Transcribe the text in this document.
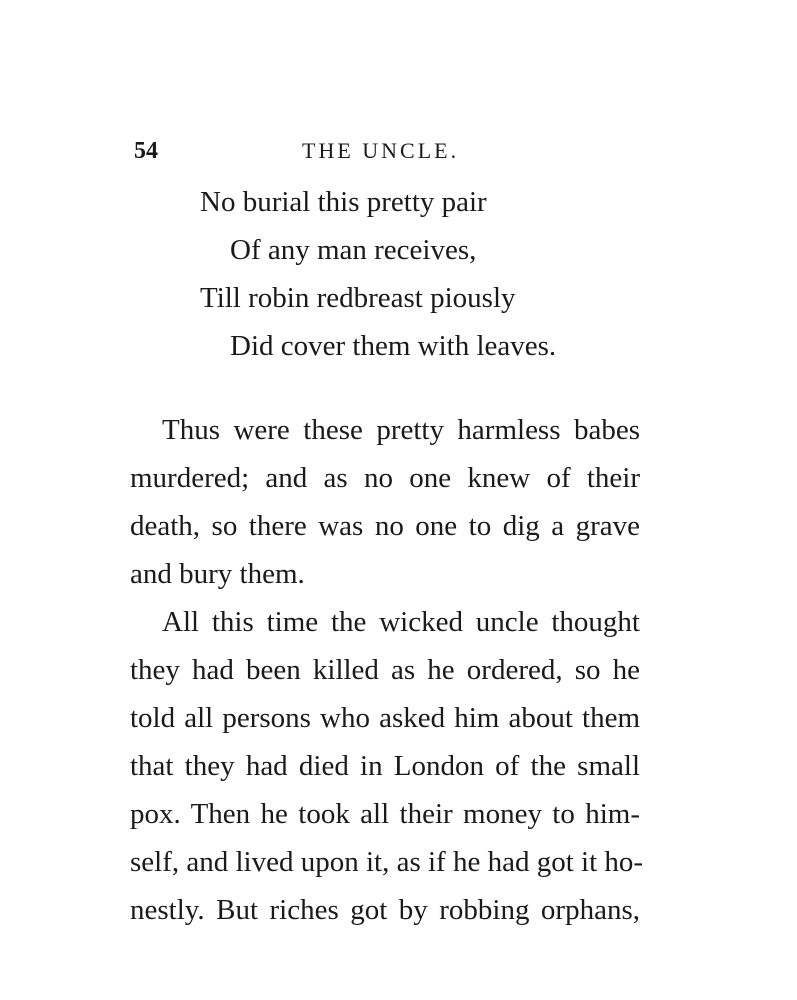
54	THE UNCLE.
No burial this pretty pair
Of any man receives,
Till robin redbreast piously
Did cover them with leaves.
Thus were these pretty harmless babes
murdered; and as no one knew of their
death, so there was no one to dig a grave
and bury them.
All this time the wicked uncle thought
they had been killed as he ordered, so he
told all persons who asked him about them
that they had died in London of the small
pox. Then he took all their money to him-
self, and lived upon it, as if he had got it ho-
nestly. But riches got by robbing orphans,
